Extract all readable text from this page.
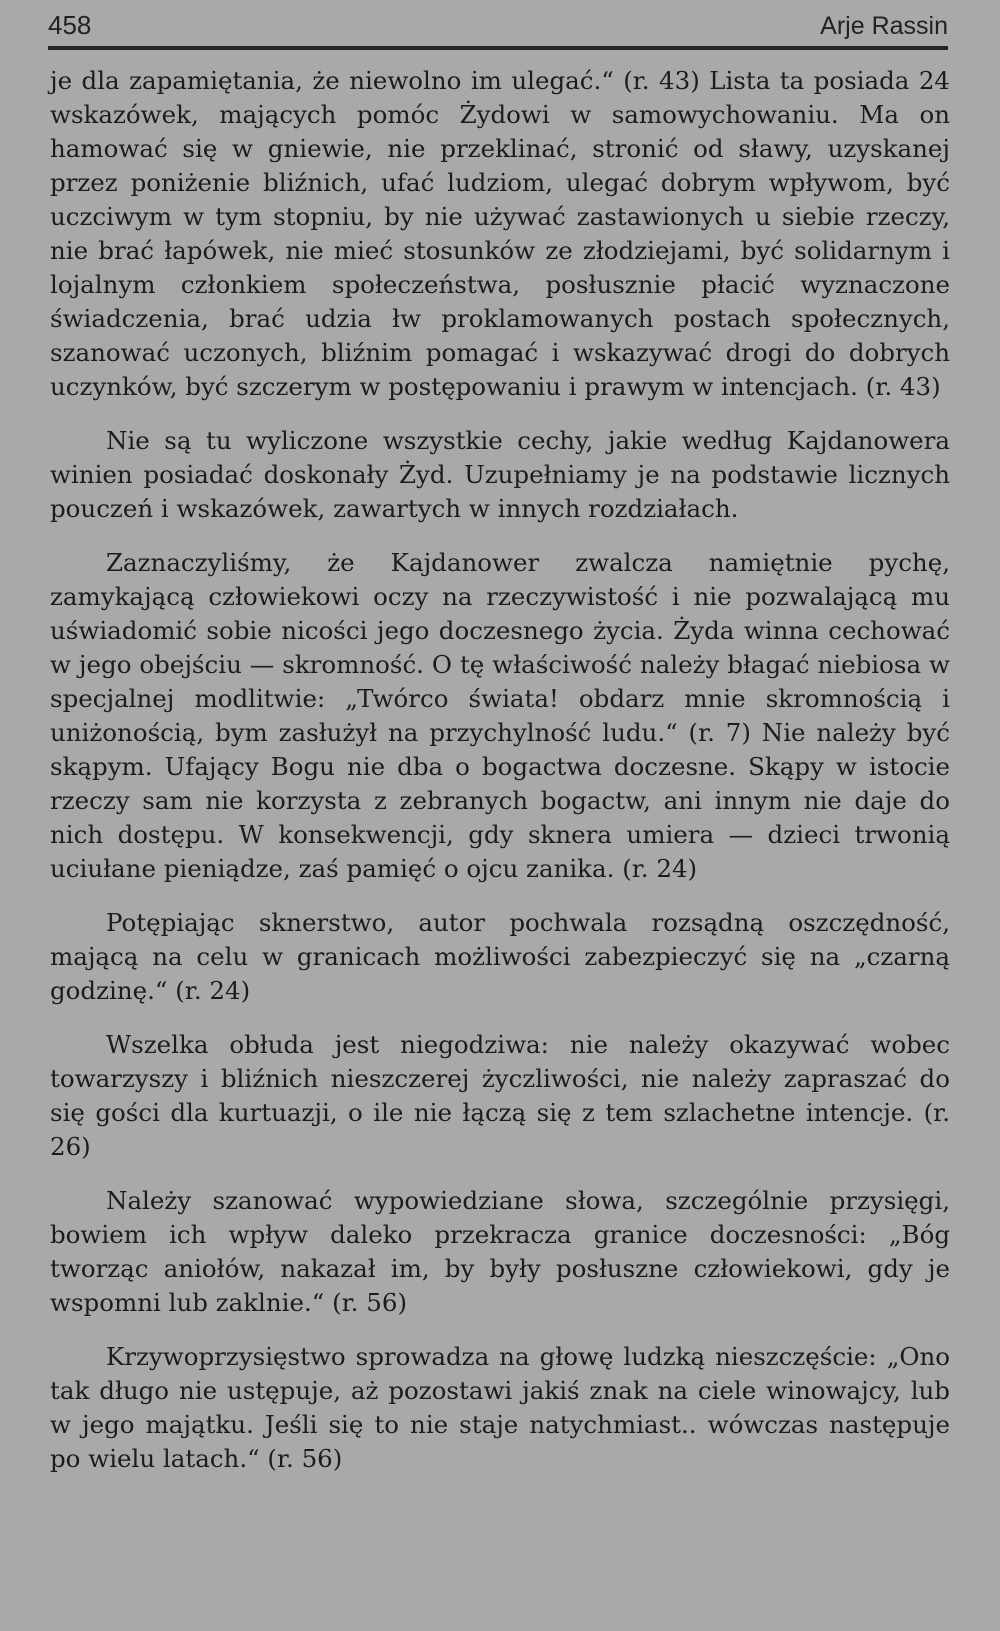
458	Arje Rassin

je dla zapamiętania, że niewolno im ulegać.“ (r. 43) Lista ta posiada 24 wskazówek, mających pomóc Żydowi w samowychowaniu. Ma on hamować się w gniewie, nie przeklinać, stronić od sławy, uzyskanej przez poniżenie bliźnich, ufać ludziom, ulegać dobrym wpływom, być uczciwym w tym stopniu, by nie używać zastawionych u siebie rzeczy, nie brać łapówek, nie mieć stosunków ze złodziejami, być solidarnym i lojalnym członkiem społeczeństwa, posłusznie płacić wyznaczone świadczenia, brać udzia łw proklamowanych postach społecznych, szanować uczonych, bliźnim pomagać i wskazywać drogi do dobrych uczynków, być szczerym w postępowaniu i prawym w intencjach. (r. 43)

Nie są tu wyliczone wszystkie cechy, jakie według Kajdanowera winien posiadać doskonały Żyd. Uzupełniamy je na podstawie licznych pouczeń i wskazówek, zawartych w innych rozdziałach.

Zaznaczyliśmy, że Kajdanower zwalcza namiętnie pychę, zamykającą człowiekowi oczy na rzeczywistość i nie pozwalającą mu uświadomić sobie nicości jego doczesnego życia. Żyda winna cechować w jego obejściu — skromność. O tę właściwość należy błagać niebiosa w specjalnej modlitwie: „Twórco świata! obdarz mnie skromnością i uniżonością, bym zasłużył na przychylność ludu.“ (r. 7) Nie należy być skąpym. Ufający Bogu nie dba o bogactwa doczesne. Skąpy w istocie rzeczy sam nie korzysta z zebranych bogactw, ani innym nie daje do nich dostępu. W konsekwencji, gdy sknera umiera — dzieci trwonią uciułane pieniądze, zaś pamięć o ojcu zanika. (r. 24)

Potępiając sknerstwo, autor pochwala rozsądną oszczędność, mającą na celu w granicach możliwości zabezpieczyć się na „czarną godzinę.“ (r. 24)

Wszelka obłuda jest niegodziwa: nie należy okazywać wobec towarzyszy i bliźnich nieszczerej życzliwości, nie należy zapraszać do się gości dla kurtuazji, o ile nie łączą się z tem szlachetne intencje. (r. 26)

Należy szanować wypowiedziane słowa, szczególnie przysięgi, bowiem ich wpływ daleko przekracza granice doczesności: „Bóg tworząc aniołów, nakazał im, by były posłuszne człowiekowi, gdy je wspomni lub zaklnie.“ (r. 56)

Krzywoprzysięstwo sprowadza na głowę ludzką nieszczęście: „Ono tak długo nie ustępuje, aż pozostawi jakiś znak na ciele winowajcy, lub w jego majątku. Jeśli się to nie staje natychmiast.. wówczas następuje po wielu latach.“ (r. 56)
